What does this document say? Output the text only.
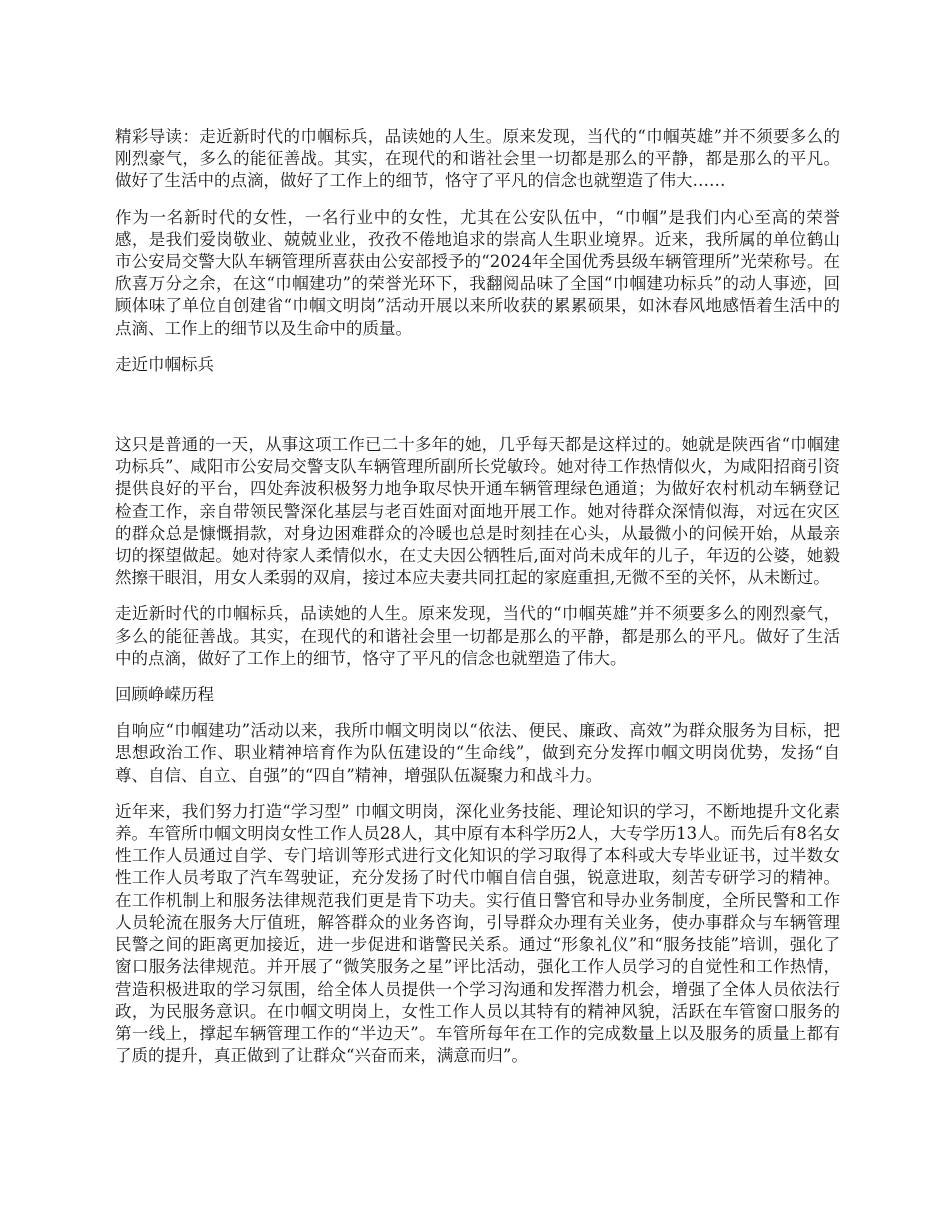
精彩导读：走近新时代的巾帼标兵，品读她的人生。原来发现，当代的“巾帼英雄”并不须要多么的刚烈豪气，多么的能征善战。其实，在现代的和谐社会里一切都是那么的平静，都是那么的平凡。做好了生活中的点滴，做好了工作上的细节，恪守了平凡的信念也就塑造了伟大……

作为一名新时代的女性，一名行业中的女性，尤其在公安队伍中，“巾帼”是我们内心至高的荣誉感，是我们爱岗敬业、兢兢业业，孜孜不倦地追求的崇高人生职业境界。近来，我所属的单位鹤山市公安局交警大队车辆管理所喜获由公安部授予的“2024年全国优秀县级车辆管理所”光荣称号。在欣喜万分之余，在这“巾帼建功”的荣誉光环下，我翻阅品味了全国“巾帼建功标兵”的动人事迹，回顾体味了单位自创建省“巾帼文明岗”活动开展以来所收获的累累硕果，如沐春风地感悟着生活中的点滴、工作上的细节以及生命中的质量。

走近巾帼标兵

这只是普通的一天，从事这项工作已二十多年的她，几乎每天都是这样过的。她就是陕西省“巾帼建功标兵”、咸阳市公安局交警支队车辆管理所副所长党敏玲。她对待工作热情似火，为咸阳招商引资提供良好的平台，四处奔波积极努力地争取尽快开通车辆管理绿色通道；为做好农村机动车辆登记检查工作，亲自带领民警深化基层与老百姓面对面地开展工作。她对待群众深情似海，对远在灾区的群众总是慷慨捐款，对身边困难群众的冷暖也总是时刻挂在心头，从最微小的问候开始，从最亲切的探望做起。她对待家人柔情似水，在丈夫因公牺牲后,面对尚未成年的儿子，年迈的公婆，她毅然擦干眼泪，用女人柔弱的双肩，接过本应夫妻共同扛起的家庭重担,无微不至的关怀，从未断过。

走近新时代的巾帼标兵，品读她的人生。原来发现，当代的“巾帼英雄”并不须要多么的刚烈豪气，多么的能征善战。其实，在现代的和谐社会里一切都是那么的平静，都是那么的平凡。做好了生活中的点滴，做好了工作上的细节，恪守了平凡的信念也就塑造了伟大。

回顾峥嵘历程

自响应“巾帼建功”活动以来，我所巾帼文明岗以“依法、便民、廉政、高效”为群众服务为目标，把思想政治工作、职业精神培育作为队伍建设的“生命线”，做到充分发挥巾帼文明岗优势，发扬“自尊、自信、自立、自强”的“四自”精神，增强队伍凝聚力和战斗力。

近年来，我们努力打造“学习型” 巾帼文明岗，深化业务技能、理论知识的学习，不断地提升文化素养。车管所巾帼文明岗女性工作人员28人，其中原有本科学历2人，大专学历13人。而先后有8名女性工作人员通过自学、专门培训等形式进行文化知识的学习取得了本科或大专毕业证书，过半数女性工作人员考取了汽车驾驶证，充分发扬了时代巾帼自信自强，锐意进取，刻苦专研学习的精神。在工作机制上和服务法律规范我们更是肯下功夫。实行值日警官和导办业务制度，全所民警和工作人员轮流在服务大厅值班，解答群众的业务咨询，引导群众办理有关业务，使办事群众与车辆管理民警之间的距离更加接近，进一步促进和谐警民关系。通过“形象礼仪”和“服务技能”培训，强化了窗口服务法律规范。并开展了“微笑服务之星”评比活动，强化工作人员学习的自觉性和工作热情，营造积极进取的学习氛围，给全体人员提供一个学习沟通和发挥潜力机会，增强了全体人员依法行政，为民服务意识。在巾帼文明岗上，女性工作人员以其特有的精神风貌，活跃在车管窗口服务的第一线上，撑起车辆管理工作的“半边天”。车管所每年在工作的完成数量上以及服务的质量上都有了质的提升，真正做到了让群众“兴奋而来，满意而归”。
